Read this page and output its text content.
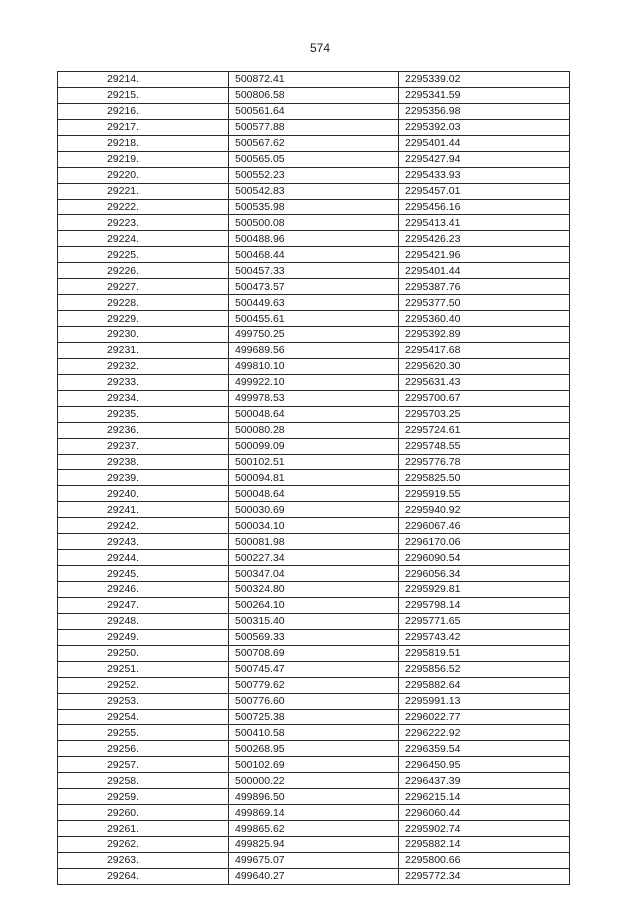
574
29214.	500872.41	2295339.02
29215.	500806.58	2295341.59
29216.	500561.64	2295356.98
29217.	500577.88	2295392.03
29218.	500567.62	2295401.44
29219.	500565.05	2295427.94
29220.	500552.23	2295433.93
29221.	500542.83	2295457.01
29222.	500535.98	2295456.16
29223.	500500.08	2295413.41
29224.	500488.96	2295426.23
29225.	500468.44	2295421.96
29226.	500457.33	2295401.44
29227.	500473.57	2295387.76
29228.	500449.63	2295377.50
29229.	500455.61	2295360.40
29230.	499750.25	2295392.89
29231.	499689.56	2295417.68
29232.	499810.10	2295620.30
29233.	499922.10	2295631.43
29234.	499978.53	2295700.67
29235.	500048.64	2295703.25
29236.	500080.28	2295724.61
29237.	500099.09	2295748.55
29238.	500102.51	2295776.78
29239.	500094.81	2295825.50
29240.	500048.64	2295919.55
29241.	500030.69	2295940.92
29242.	500034.10	2296067.46
29243.	500081.98	2296170.06
29244.	500227.34	2296090.54
29245.	500347.04	2296056.34
29246.	500324.80	2295929.81
29247.	500264.10	2295798.14
29248.	500315.40	2295771.65
29249.	500569.33	2295743.42
29250.	500708.69	2295819.51
29251.	500745.47	2295856.52
29252.	500779.62	2295882.64
29253.	500776.60	2295991.13
29254.	500725.38	2296022.77
29255.	500410.58	2296222.92
29256.	500268.95	2296359.54
29257.	500102.69	2296450.95
29258.	500000.22	2296437.39
29259.	499896.50	2296215.14
29260.	499869.14	2296060.44
29261.	499865.62	2295902.74
29262.	499825.94	2295882.14
29263.	499675.07	2295800.66
29264.	499640.27	2295772.34
